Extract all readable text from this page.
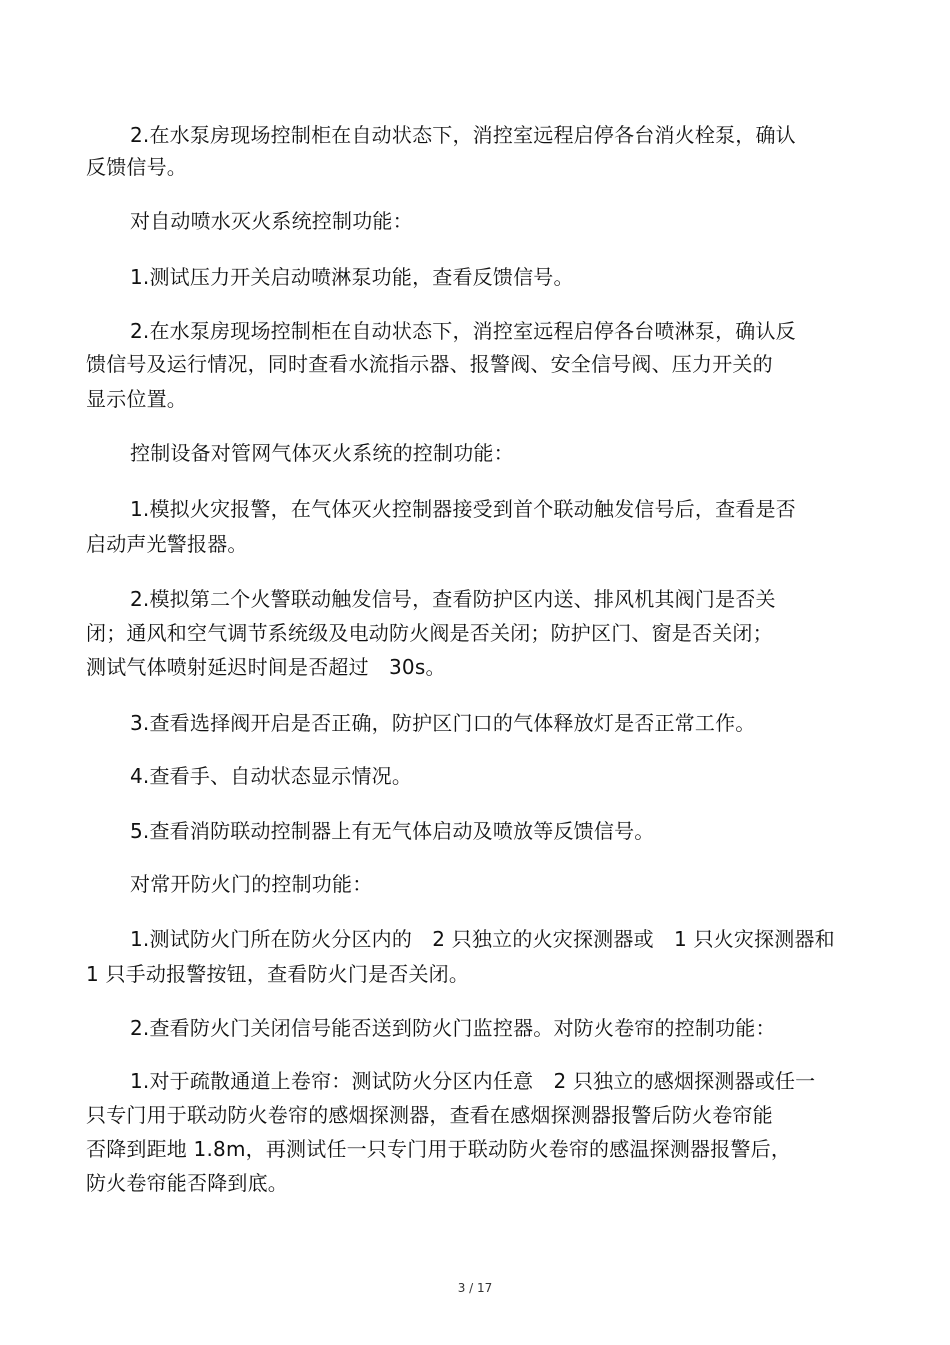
2.在水泵房现场控制柜在自动状态下，消控室远程启停各台消火栓泵，确认
反馈信号。
对自动喷水灭火系统控制功能：
1.测试压力开关启动喷淋泵功能，查看反馈信号。
2.在水泵房现场控制柜在自动状态下，消控室远程启停各台喷淋泵，确认反
馈信号及运行情况，同时查看水流指示器、报警阀、安全信号阀、压力开关的
显示位置。
控制设备对管网气体灭火系统的控制功能：
1.模拟火灾报警，在气体灭火控制器接受到首个联动触发信号后，查看是否
启动声光警报器。
2.模拟第二个火警联动触发信号，查看防护区内送、排风机其阀门是否关
闭；通风和空气调节系统级及电动防火阀是否关闭；防护区门、窗是否关闭；
测试气体喷射延迟时间是否超过　30s。
3.查看选择阀开启是否正确，防护区门口的气体释放灯是否正常工作。
4.查看手、自动状态显示情况。
5.查看消防联动控制器上有无气体启动及喷放等反馈信号。
对常开防火门的控制功能：
1.测试防火门所在防火分区内的　2 只独立的火灾探测器或　1 只火灾探测器和
1 只手动报警按钮，查看防火门是否关闭。
2.查看防火门关闭信号能否送到防火门监控器。对防火卷帘的控制功能：
1.对于疏散通道上卷帘：测试防火分区内任意　2 只独立的感烟探测器或任一
只专门用于联动防火卷帘的感烟探测器，查看在感烟探测器报警后防火卷帘能
否降到距地 1.8m，再测试任一只专门用于联动防火卷帘的感温探测器报警后，
防火卷帘能否降到底。
3 / 17
